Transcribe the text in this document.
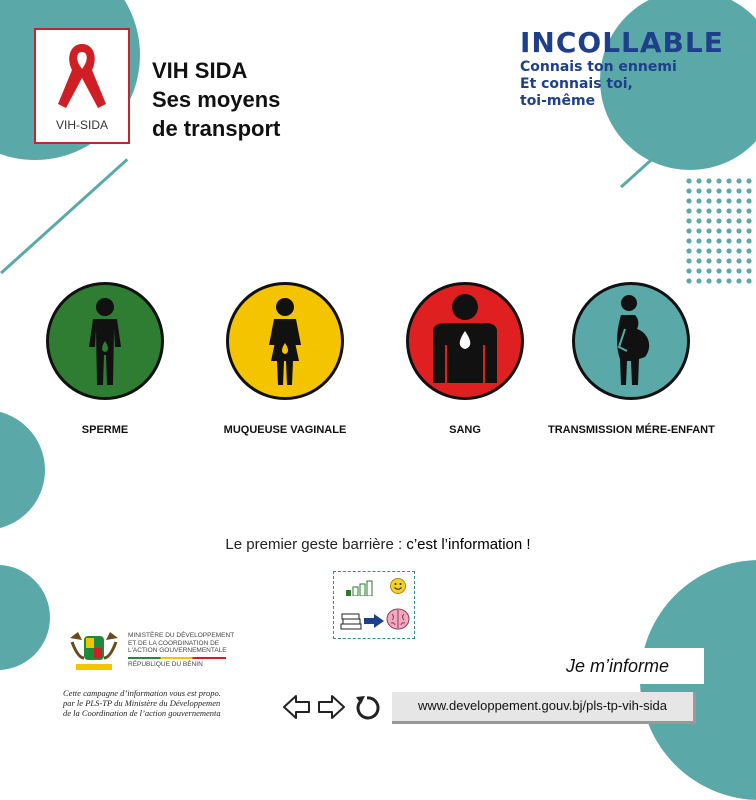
VIH-SIDA
VIH SIDA
Ses moyens
de transport
INCOLLABLE
Connais ton ennemi
Et connais toi,
toi-même
SPERME	MUQUEUSE VAGINALE	SANG	TRANSMISSION MÉRE-ENFANT
Le premier geste barrière : c’est l’information !
MINISTÈRE DU DÉVELOPPEMENT
ET DE LA COORDINATION DE
L'ACTION GOUVERNEMENTALE
RÉPUBLIQUE DU BÉNIN
Cette campagne d’information vous est propo.
par le PLS-TP du Ministère du Développemen
de la Coordination de l’action gouvernementa
Je m’informe
www.developpement.gouv.bj/pls-tp-vih-sida
